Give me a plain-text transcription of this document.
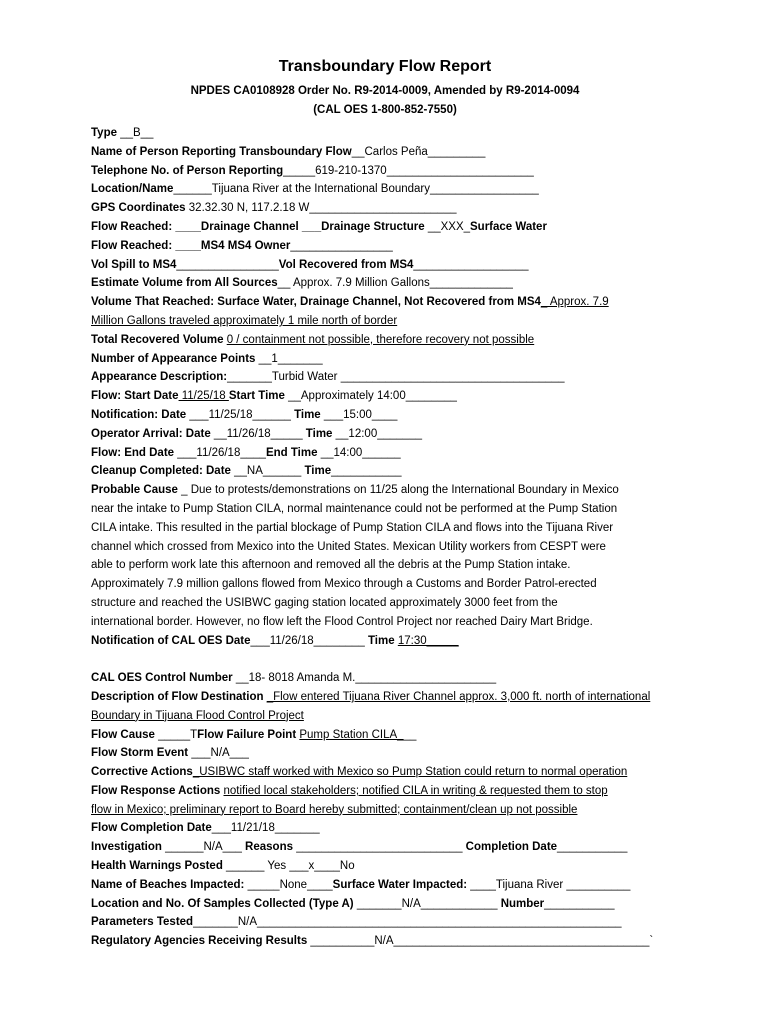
Transboundary Flow Report
NPDES CA0108928 Order No. R9-2014-0009, Amended by R9-2014-0094
(CAL OES 1-800-852-7550)
Type __B__
Name of Person Reporting Transboundary Flow__Carlos Peña_________
Telephone No. of Person Reporting_____619-210-1370_______________________
Location/Name______Tijuana River at the International Boundary_________________
GPS Coordinates 32.32.30 N, 117.2.18 W_______________________
Flow Reached: ____Drainage Channel ___Drainage Structure __XXX_Surface Water
Flow Reached: ____MS4 MS4 Owner________________
Vol Spill to MS4________________Vol Recovered from MS4__________________
Estimate Volume from All Sources__ Approx. 7.9 Million Gallons_____________
Volume That Reached: Surface Water, Drainage Channel, Not Recovered from MS4_ Approx. 7.9
Million Gallons traveled approximately 1 mile north of border
Total Recovered Volume 0 / containment not possible, therefore recovery not possible
Number of Appearance Points __1_______
Appearance Description:_______Turbid Water ___________________________________
Flow: Start Date 11/25/18 Start Time __Approximately 14:00________
Notification: Date ___11/25/18______ Time ___15:00____
Operator Arrival: Date __11/26/18_____ Time __12:00_______
Flow: End Date ___11/26/18____End Time __14:00______
Cleanup Completed: Date __NA______ Time___________
Probable Cause _ Due to protests/demonstrations on 11/25 along the International Boundary in Mexico
near the intake to Pump Station CILA, normal maintenance could not be performed at the Pump Station
CILA intake. This resulted in the partial blockage of Pump Station CILA and flows into the Tijuana River
channel which crossed from Mexico into the United States. Mexican Utility workers from CESPT were
able to perform work late this afternoon and removed all the debris at the Pump Station intake.
Approximately 7.9 million gallons flowed from Mexico through a Customs and Border Patrol-erected
structure and reached the USIBWC gaging station located approximately 3000 feet from the
international border. However, no flow left the Flood Control Project nor reached Dairy Mart Bridge.
Notification of CAL OES Date___11/26/18________ Time 17:30_____
CAL OES Control Number __18- 8018 Amanda M.______________________
Description of Flow Destination _Flow entered Tijuana River Channel approx. 3,000 ft. north of international
Boundary in Tijuana Flood Control Project
Flow Cause _____TFlow Failure Point Pump Station CILA___
Flow Storm Event ___N/A___
Corrective Actions_USIBWC staff worked with Mexico so Pump Station could return to normal operation
Flow Response Actions notified local stakeholders; notified CILA in writing & requested them to stop
flow in Mexico; preliminary report to Board hereby submitted; containment/clean up not possible
Flow Completion Date___11/21/18_______
Investigation ______N/A___ Reasons __________________________ Completion Date___________
Health Warnings Posted ______ Yes ___x____No
Name of Beaches Impacted: _____None____Surface Water Impacted: ____Tijuana River __________
Location and No. Of Samples Collected (Type A) _______N/A____________ Number___________
Parameters Tested_______N/A_________________________________________________________
Regulatory Agencies Receiving Results __________N/A________________________________________`
